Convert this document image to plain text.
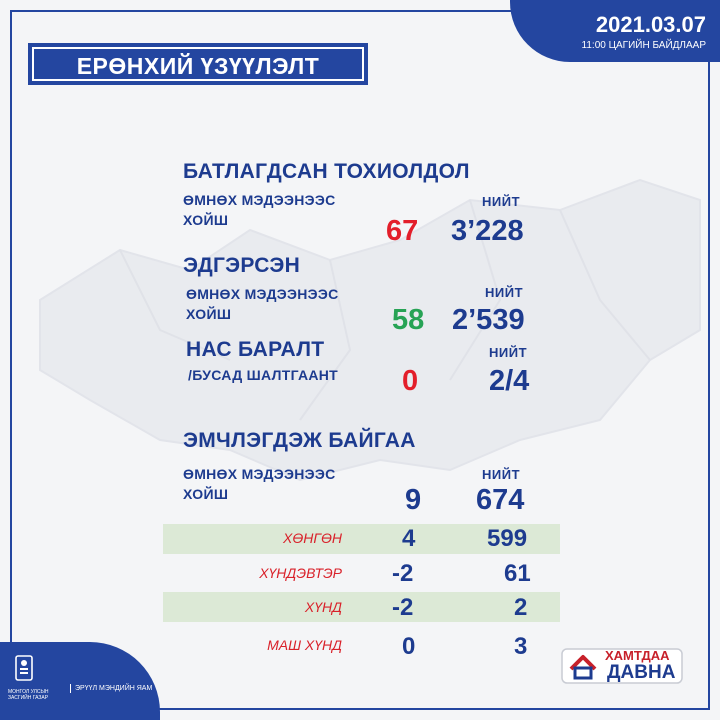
2021.03.07
11:00 ЦАГИЙН БАЙДЛААР
ЕРӨНХИЙ ҮЗҮҮЛЭЛТ
БАТЛАГДСАН ТОХИОЛДОЛ
ӨМНӨХ МЭДЭЭНЭЭС
ХОЙШ
НИЙТ
67 3’228
ЭДГЭРСЭН
ӨМНӨХ МЭДЭЭНЭЭС
ХОЙШ
НИЙТ
58 2’539
НАС БАРАЛТ
/БУСАД ШАЛТГААНТ
НИЙТ
0 2/4
ЭМЧЛЭГДЭЖ БАЙГАА
ӨМНӨХ МЭДЭЭНЭЭС
ХОЙШ
НИЙТ
9 674
ХӨНГӨН	4	599
ХҮНДЭВТЭР -2	61
ХҮНД -2	2
МАШ ХҮНД	0	3
МОНГОЛ УЛСЫН ЗАСГИЙН ГАЗАР
ЭРҮҮЛ МЭНДИЙН ЯАМ
ХАМТДАА
ДАВНА
